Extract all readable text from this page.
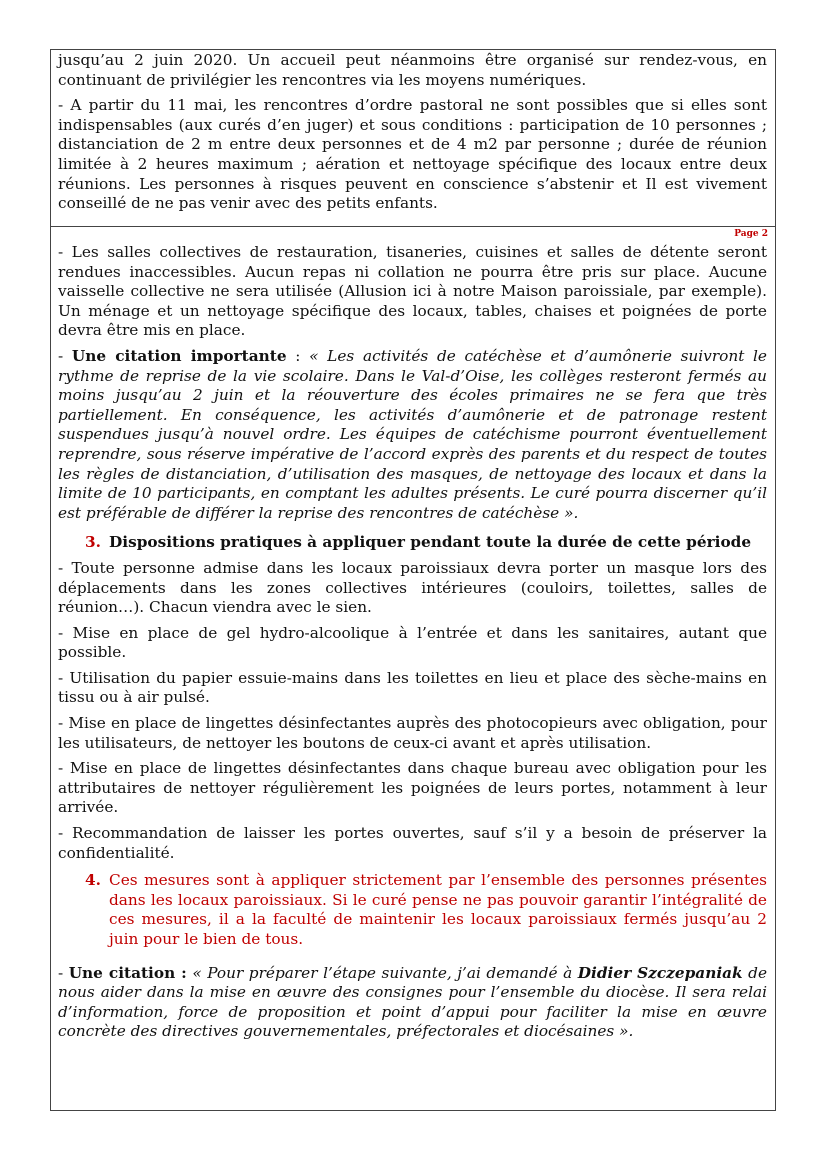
Page 2

jusqu’au 2 juin 2020. Un accueil peut néanmoins être organisé sur rendez-vous, en continuant de privilégier les rencontres via les moyens numériques.

- A partir du 11 mai, les rencontres d’ordre pastoral ne sont possibles que si elles sont indispensables (aux curés d’en juger) et sous conditions : participation de 10 personnes ; distanciation de 2 m entre deux personnes et de 4 m2 par personne ; durée de réunion limitée à 2 heures maximum ; aération et nettoyage spécifique des locaux entre deux réunions. Les personnes à risques peuvent en conscience s’abstenir et Il est vivement conseillé de ne pas venir avec des petits enfants.

- Les salles collectives de restauration, tisaneries, cuisines et salles de détente seront rendues inaccessibles. Aucun repas ni collation ne pourra être pris sur place. Aucune vaisselle collective ne sera utilisée (Allusion ici à notre Maison paroissiale, par exemple). Un ménage et un nettoyage spécifique des locaux, tables, chaises et poignées de porte devra être mis en place.

- Une citation importante : « Les activités de catéchèse et d’aumônerie suivront le rythme de reprise de la vie scolaire. Dans le Val-d’Oise, les collèges resteront fermés au moins jusqu’au 2 juin et la réouverture des écoles primaires ne se fera que très partiellement. En conséquence, les activités d’aumônerie et de patronage restent suspendues jusqu’à nouvel ordre. Les équipes de catéchisme pourront éventuellement reprendre, sous réserve impérative de l’accord exprès des parents et du respect de toutes les règles de distanciation, d’utilisation des masques, de nettoyage des locaux et dans la limite de 10 participants, en comptant les adultes présents. Le curé pourra discerner qu’il est préférable de différer la reprise des rencontres de catéchèse ».

3. Dispositions pratiques à appliquer pendant toute la durée de cette période

- Toute personne admise dans les locaux paroissiaux devra porter un masque lors des déplacements dans les zones collectives intérieures (couloirs, toilettes, salles de réunion…). Chacun viendra avec le sien.

- Mise en place de gel hydro-alcoolique à l’entrée et dans les sanitaires, autant que possible.

- Utilisation du papier essuie-mains dans les toilettes en lieu et place des sèche-mains en tissu ou à air pulsé.

- Mise en place de lingettes désinfectantes auprès des photocopieurs avec obligation, pour les utilisateurs, de nettoyer les boutons de ceux-ci avant et après utilisation.

- Mise en place de lingettes désinfectantes dans chaque bureau avec obligation pour les attributaires de nettoyer régulièrement les poignées de leurs portes, notamment à leur arrivée.

- Recommandation de laisser les portes ouvertes, sauf s’il y a besoin de préserver la confidentialité.

4. Ces mesures sont à appliquer strictement par l’ensemble des personnes présentes dans les locaux paroissiaux. Si le curé pense ne pas pouvoir garantir l’intégralité de ces mesures, il a la faculté de maintenir les locaux paroissiaux fermés jusqu’au 2 juin pour le bien de tous.

- Une citation : « Pour préparer l’étape suivante, j’ai demandé à Didier Szczepaniak de nous aider dans la mise en œuvre des consignes pour l’ensemble du diocèse. Il sera relai d’information, force de proposition et point d’appui pour faciliter la mise en œuvre concrète des directives gouvernementales, préfectorales et diocésaines ».
